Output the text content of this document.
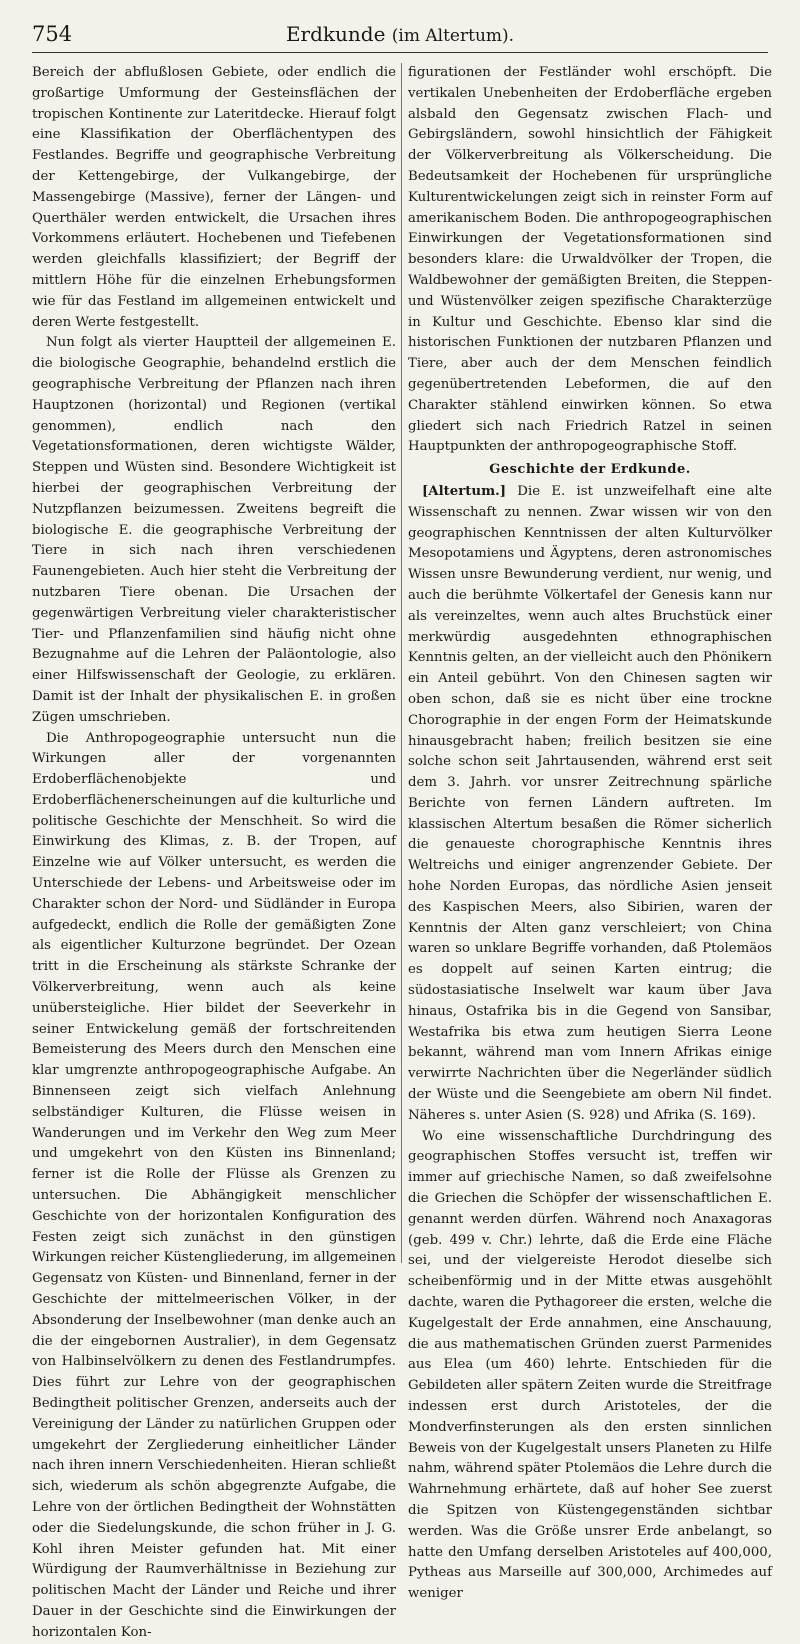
754	Erdkunde (im Altertum).

Bereich der abflußlosen Gebiete, oder endlich die großartige Umformung der Gesteinsflächen der tropischen Kontinente zur Lateritdecke. Hierauf folgt eine Klassifikation der Oberflächentypen des Festlandes. Begriffe und geographische Verbreitung der Kettengebirge, der Vulkangebirge, der Massengebirge (Massive), ferner der Längen- und Querthäler werden entwickelt, die Ursachen ihres Vorkommens erläutert. Hochebenen und Tiefebenen werden gleichfalls klassifiziert; der Begriff der mittlern Höhe für die einzelnen Erhebungsformen wie für das Festland im allgemeinen entwickelt und deren Werte festgestellt.

Nun folgt als vierter Hauptteil der allgemeinen E. die biologische Geographie, behandelnd erstlich die geographische Verbreitung der Pflanzen nach ihren Hauptzonen (horizontal) und Regionen (vertikal genommen), endlich nach den Vegetationsformationen, deren wichtigste Wälder, Steppen und Wüsten sind. Besondere Wichtigkeit ist hierbei der geographischen Verbreitung der Nutzpflanzen beizumessen. Zweitens begreift die biologische E. die geographische Verbreitung der Tiere in sich nach ihren verschiedenen Faunengebieten. Auch hier steht die Verbreitung der nutzbaren Tiere obenan. Die Ursachen der gegenwärtigen Verbreitung vieler charakteristischer Tier- und Pflanzenfamilien sind häufig nicht ohne Bezugnahme auf die Lehren der Paläontologie, also einer Hilfswissenschaft der Geologie, zu erklären. Damit ist der Inhalt der physikalischen E. in großen Zügen umschrieben.

Die Anthropogeographie untersucht nun die Wirkungen aller der vorgenannten Erdoberflächenobjekte und Erdoberflächenerscheinungen auf die kulturliche und politische Geschichte der Menschheit. So wird die Einwirkung des Klimas, z. B. der Tropen, auf Einzelne wie auf Völker untersucht, es werden die Unterschiede der Lebens- und Arbeitsweise oder im Charakter schon der Nord- und Südländer in Europa aufgedeckt, endlich die Rolle der gemäßigten Zone als eigentlicher Kulturzone begründet. Der Ozean tritt in die Erscheinung als stärkste Schranke der Völkerverbreitung, wenn auch als keine unübersteigliche. Hier bildet der Seeverkehr in seiner Entwickelung gemäß der fortschreitenden Bemeisterung des Meers durch den Menschen eine klar umgrenzte anthropogeographische Aufgabe. An Binnenseen zeigt sich vielfach Anlehnung selbständiger Kulturen, die Flüsse weisen in Wanderungen und im Verkehr den Weg zum Meer und umgekehrt von den Küsten ins Binnenland; ferner ist die Rolle der Flüsse als Grenzen zu untersuchen. Die Abhängigkeit menschlicher Geschichte von der horizontalen Konfiguration des Festen zeigt sich zunächst in den günstigen Wirkungen reicher Küstengliederung, im allgemeinen Gegensatz von Küsten- und Binnenland, ferner in der Geschichte der mittelmeerischen Völker, in der Absonderung der Inselbewohner (man denke auch an die der eingebornen Australier), in dem Gegensatz von Halbinselvölkern zu denen des Festlandrumpfes. Dies führt zur Lehre von der geographischen Bedingtheit politischer Grenzen, anderseits auch der Vereinigung der Länder zu natürlichen Gruppen oder umgekehrt der Zergliederung einheitlicher Länder nach ihren innern Verschiedenheiten. Hieran schließt sich, wiederum als schön abgegrenzte Aufgabe, die Lehre von der örtlichen Bedingtheit der Wohnstätten oder die Siedelungskunde, die schon früher in J. G. Kohl ihren Meister gefunden hat. Mit einer Würdigung der Raumverhältnisse in Beziehung zur politischen Macht der Länder und Reiche und ihrer Dauer in der Geschichte sind die Einwirkungen der horizontalen Kon-

figurationen der Festländer wohl erschöpft. Die vertikalen Unebenheiten der Erdoberfläche ergeben alsbald den Gegensatz zwischen Flach- und Gebirgsländern, sowohl hinsichtlich der Fähigkeit der Völkerverbreitung als Völkerscheidung. Die Bedeutsamkeit der Hochebenen für ursprüngliche Kulturentwickelungen zeigt sich in reinster Form auf amerikanischem Boden. Die anthropogeographischen Einwirkungen der Vegetationsformationen sind besonders klare: die Urwaldvölker der Tropen, die Waldbewohner der gemäßigten Breiten, die Steppen- und Wüstenvölker zeigen spezifische Charakterzüge in Kultur und Geschichte. Ebenso klar sind die historischen Funktionen der nutzbaren Pflanzen und Tiere, aber auch der dem Menschen feindlich gegenübertretenden Lebeformen, die auf den Charakter stählend einwirken können. So etwa gliedert sich nach Friedrich Ratzel in seinen Hauptpunkten der anthropogeographische Stoff.

Geschichte der Erdkunde.

[Altertum.] Die E. ist unzweifelhaft eine alte Wissenschaft zu nennen. Zwar wissen wir von den geographischen Kenntnissen der alten Kulturvölker Mesopotamiens und Ägyptens, deren astronomisches Wissen unsre Bewunderung verdient, nur wenig, und auch die berühmte Völkertafel der Genesis kann nur als vereinzeltes, wenn auch altes Bruchstück einer merkwürdig ausgedehnten ethnographischen Kenntnis gelten, an der vielleicht auch den Phönikern ein Anteil gebührt. Von den Chinesen sagten wir oben schon, daß sie es nicht über eine trockne Chorographie in der engen Form der Heimatskunde hinausgebracht haben; freilich besitzen sie eine solche schon seit Jahrtausenden, während erst seit dem 3. Jahrh. vor unsrer Zeitrechnung spärliche Berichte von fernen Ländern auftreten. Im klassischen Altertum besaßen die Römer sicherlich die genaueste chorographische Kenntnis ihres Weltreichs und einiger angrenzender Gebiete. Der hohe Norden Europas, das nördliche Asien jenseit des Kaspischen Meers, also Sibirien, waren der Kenntnis der Alten ganz verschleiert; von China waren so unklare Begriffe vorhanden, daß Ptolemäos es doppelt auf seinen Karten eintrug; die südostasiatische Inselwelt war kaum über Java hinaus, Ostafrika bis in die Gegend von Sansibar, Westafrika bis etwa zum heutigen Sierra Leone bekannt, während man vom Innern Afrikas einige verwirrte Nachrichten über die Negerländer südlich der Wüste und die Seengebiete am obern Nil findet. Näheres s. unter Asien (S. 928) und Afrika (S. 169).

Wo eine wissenschaftliche Durchdringung des geographischen Stoffes versucht ist, treffen wir immer auf griechische Namen, so daß zweifelsohne die Griechen die Schöpfer der wissenschaftlichen E. genannt werden dürfen. Während noch Anaxagoras (geb. 499 v. Chr.) lehrte, daß die Erde eine Fläche sei, und der vielgereiste Herodot dieselbe sich scheibenförmig und in der Mitte etwas ausgehöhlt dachte, waren die Pythagoreer die ersten, welche die Kugelgestalt der Erde annahmen, eine Anschauung, die aus mathematischen Gründen zuerst Parmenides aus Elea (um 460) lehrte. Entschieden für die Gebildeten aller spätern Zeiten wurde die Streitfrage indessen erst durch Aristoteles, der die Mondverfinsterungen als den ersten sinnlichen Beweis von der Kugelgestalt unsers Planeten zu Hilfe nahm, während später Ptolemäos die Lehre durch die Wahrnehmung erhärtete, daß auf hoher See zuerst die Spitzen von Küstengegenständen sichtbar werden. Was die Größe unsrer Erde anbelangt, so hatte den Umfang derselben Aristoteles auf 400,000, Pytheas aus Marseille auf 300,000, Archimedes auf weniger
